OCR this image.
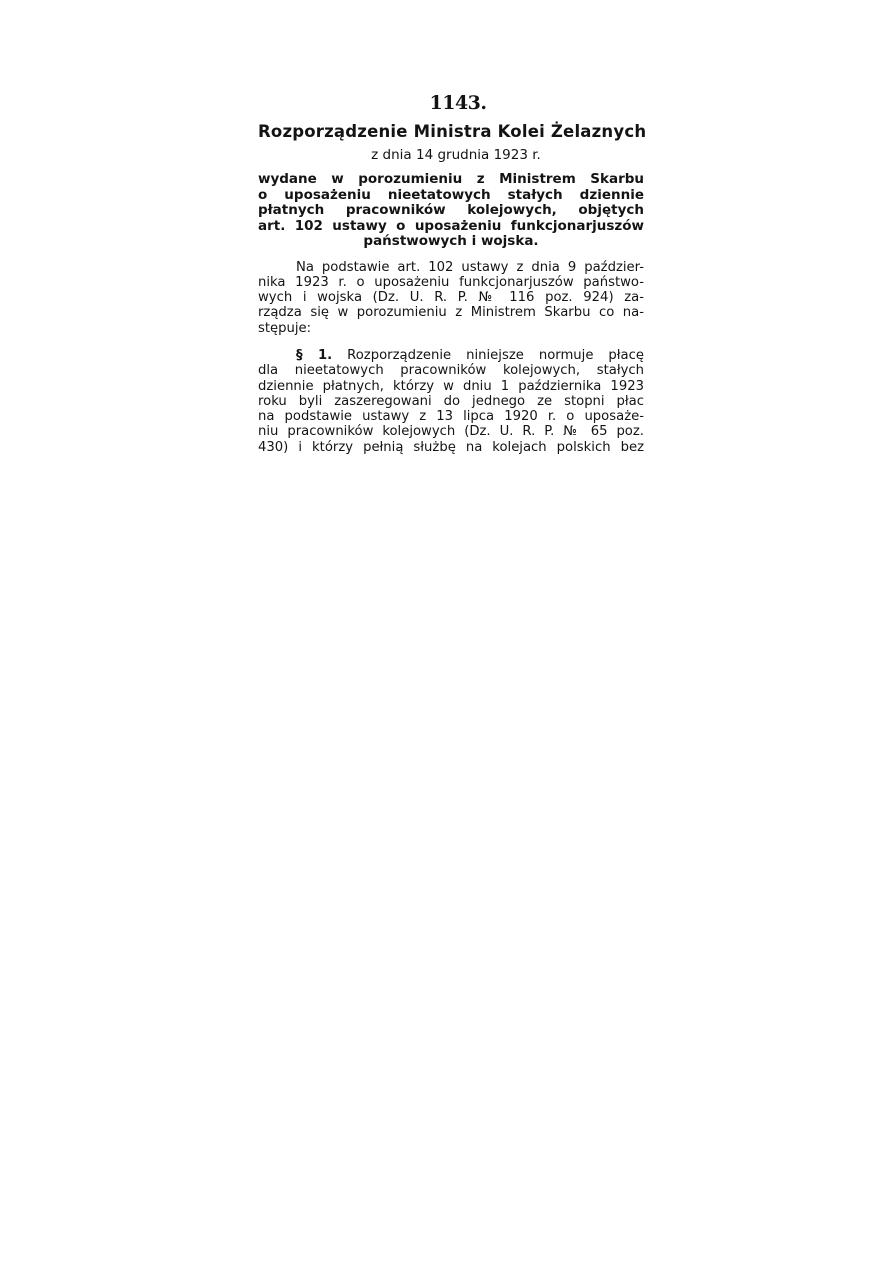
1143.
Rozporządzenie Ministra Kolei Żelaznych
z dnia 14 grudnia 1923 r.
wydane w porozumieniu z Ministrem Skarbu
o uposażeniu nieetatowych stałych dziennie
płatnych pracowników kolejowych, objętych
art. 102 ustawy o uposażeniu funkcjonarjuszów
państwowych i wojska.
Na podstawie art. 102 ustawy z dnia 9 paździer-
nika 1923 r. o uposażeniu funkcjonarjuszów państwo-
wych i wojska (Dz. U. R. P. № 116 poz. 924) za-
rządza się w porozumieniu z Ministrem Skarbu co na-
stępuje:
§ 1. Rozporządzenie niniejsze normuje płacę
dla nieetatowych pracowników kolejowych, stałych
dziennie płatnych, którzy w dniu 1 października 1923
roku byli zaszeregowani do jednego ze stopni płac
na podstawie ustawy z 13 lipca 1920 r. o uposaże-
niu pracowników kolejowych (Dz. U. R. P. № 65 poz.
430) i którzy pełnią służbę na kolejach polskich bez
